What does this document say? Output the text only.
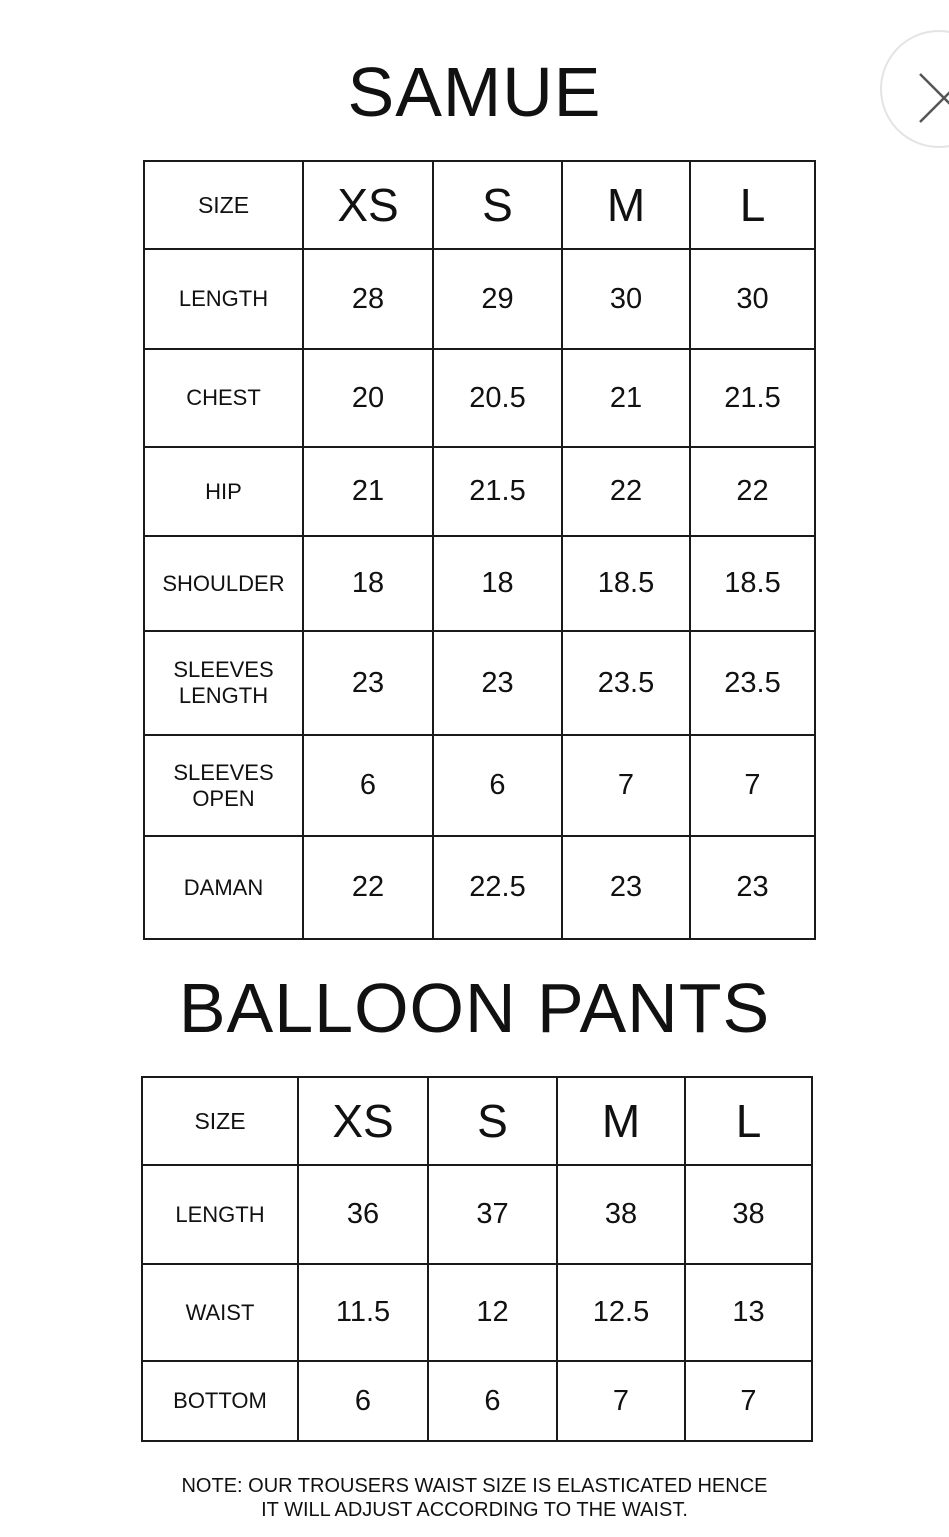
SAMUE
SIZE	XS	S	M	L
LENGTH	28	29	30	30
CHEST	20	20.5	21	21.5
HIP	21	21.5	22	22
SHOULDER	18	18	18.5	18.5
SLEEVES
LENGTH	23	23	23.5	23.5
SLEEVES
OPEN	6	6	7	7
DAMAN	22	22.5	23	23
BALLOON PANTS
SIZE	XS	S	M	L
LENGTH	36	37	38	38
WAIST	11.5	12	12.5	13
BOTTOM	6	6	7	7
NOTE: OUR TROUSERS WAIST SIZE IS ELASTICATED HENCE
IT WILL ADJUST ACCORDING TO THE WAIST.
